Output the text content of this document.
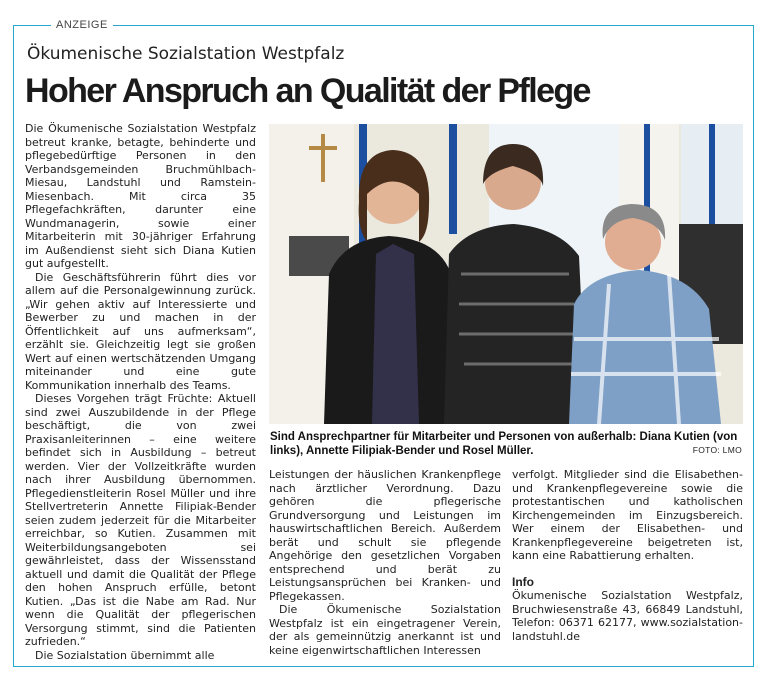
ANZEIGE
Ökumenische Sozialstation Westpfalz
Hoher Anspruch an Qualität der Pflege

Die Ökumenische Sozialstation Westpfalz betreut kranke, betagte, behinderte und pflegebedürftige Personen in den Verbandsgemeinden Bruchmühlbach-Miesau, Landstuhl und Ramstein-Miesenbach. Mit circa 35 Pflegefachkräften, darunter eine Wundmanagerin, sowie einer Mitarbeiterin mit 30-jähriger Erfahrung im Außendienst sieht sich Diana Kutien gut aufgestellt.

Die Geschäftsführerin führt dies vor allem auf die Personalgewinnung zurück. „Wir gehen aktiv auf Interessierte und Bewerber zu und machen in der Öffentlichkeit auf uns aufmerksam“, erzählt sie. Gleichzeitig legt sie großen Wert auf einen wertschätzenden Umgang miteinander und eine gute Kommunikation innerhalb des Teams.

Dieses Vorgehen trägt Früchte: Aktuell sind zwei Auszubildende in der Pflege beschäftigt, die von zwei Praxisanleiterinnen – eine weitere befindet sich in Ausbildung – betreut werden. Vier der Vollzeitkräfte wurden nach ihrer Ausbildung übernommen. Pflegedienstleiterin Rosel Müller und ihre Stellvertreterin Annette Filipiak-Bender seien zudem jederzeit für die Mitarbeiter erreichbar, so Kutien. Zusammen mit Weiterbildungsangeboten sei gewährleistet, dass der Wissensstand aktuell und damit die Qualität der Pflege den hohen Anspruch erfülle, betont Kutien. „Das ist die Nabe am Rad. Nur wenn die Qualität der pflegerischen Versorgung stimmt, sind die Patienten zufrieden.“

Die Sozialstation übernimmt alle

Sind Ansprechpartner für Mitarbeiter und Personen von außerhalb: Diana Kutien (von links), Annette Filipiak-Bender und Rosel Müller.	FOTO: LMO

Leistungen der häuslichen Krankenpflege nach ärztlicher Verordnung. Dazu gehören die pflegerische Grundversorgung und Leistungen im hauswirtschaftlichen Bereich. Außerdem berät und schult sie pflegende Angehörige den gesetzlichen Vorgaben entsprechend und berät zu Leistungsansprüchen bei Kranken- und Pflegekassen.

Die Ökumenische Sozialstation Westpfalz ist ein eingetragener Verein, der als gemeinnützig anerkannt ist und keine eigenwirtschaftlichen Interessen

verfolgt. Mitglieder sind die Elisabethen- und Krankenpflegevereine sowie die protestantischen und katholischen Kirchengemeinden im Einzugsbereich. Wer einem der Elisabethen- und Krankenpflegevereine beigetreten ist, kann eine Rabattierung erhalten.

Info

Ökumenische Sozialstation Westpfalz, Bruchwiesenstraße 43, 66849 Landstuhl, Telefon: 06371 62177, www.sozialstation-landstuhl.de
